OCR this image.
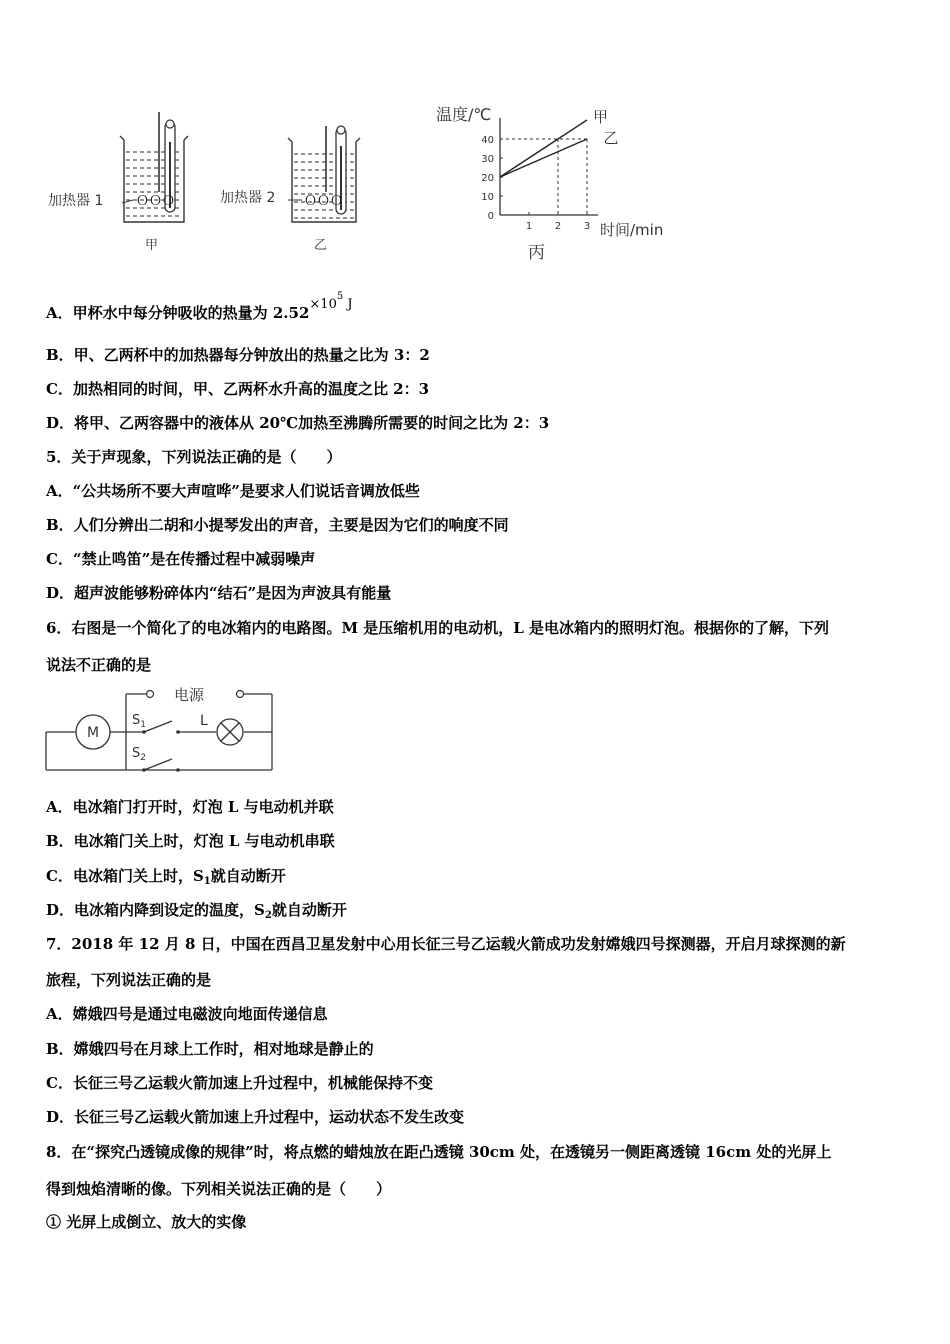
ＯＯＯ
加热器 1
甲
ＯＯＯ
加热器 2
乙
温度/℃
时间/min
丙
0
10
20
30
40
1 2 3
甲
乙
A．甲杯水中每分钟吸收的热量为 $2.52\times 10^5$ J
B．甲、乙两杯中的加热器每分钟放出的热量之比为 3：2
C．加热相同的时间，甲、乙两杯水升高的温度之比 2：3
D．将甲、乙两容器中的液体从 20℃加热至沸腾所需要的时间之比为 2：3
5．关于声现象，下列说法正确的是（　　）
A．“公共场所不要大声喧哗”是要求人们说话音调放低些
B．人们分辨出二胡和小提琴发出的声音，主要是因为它们的响度不同
C．“禁止鸣笛”是在传播过程中减弱噪声
D．超声波能够粉碎体内“结石”是因为声波具有能量
6．右图是一个简化了的电冰箱内的电路图。M 是压缩机用的电动机，L 是电冰箱内的照明灯泡。根据你的了解，下列
说法不正确的是
M
电源
$S_1$	L
$S_2$
A．电冰箱门打开时，灯泡 L 与电动机并联
B．电冰箱门关上时，灯泡 L 与电动机串联
C．电冰箱门关上时，$S_1$就自动断开
D．电冰箱内降到设定的温度，$S_2$就自动断开
7．2018 年 12 月 8 日，中国在西昌卫星发射中心用长征三号乙运载火箭成功发射嫦娥四号探测器，开启月球探测的新
旅程，下列说法正确的是
A．嫦娥四号是通过电磁波向地面传递信息
B．嫦娥四号在月球上工作时，相对地球是静止的
C．长征三号乙运载火箭加速上升过程中，机械能保持不变
D．长征三号乙运载火箭加速上升过程中，运动状态不发生改变
8．在“探究凸透镜成像的规律”时，将点燃的蜡烛放在距凸透镜 30cm 处，在透镜另一侧距离透镜 16cm 处的光屏上
得到烛焰清晰的像。下列相关说法正确的是（　　）
① 光屏上成倒立、放大的实像
